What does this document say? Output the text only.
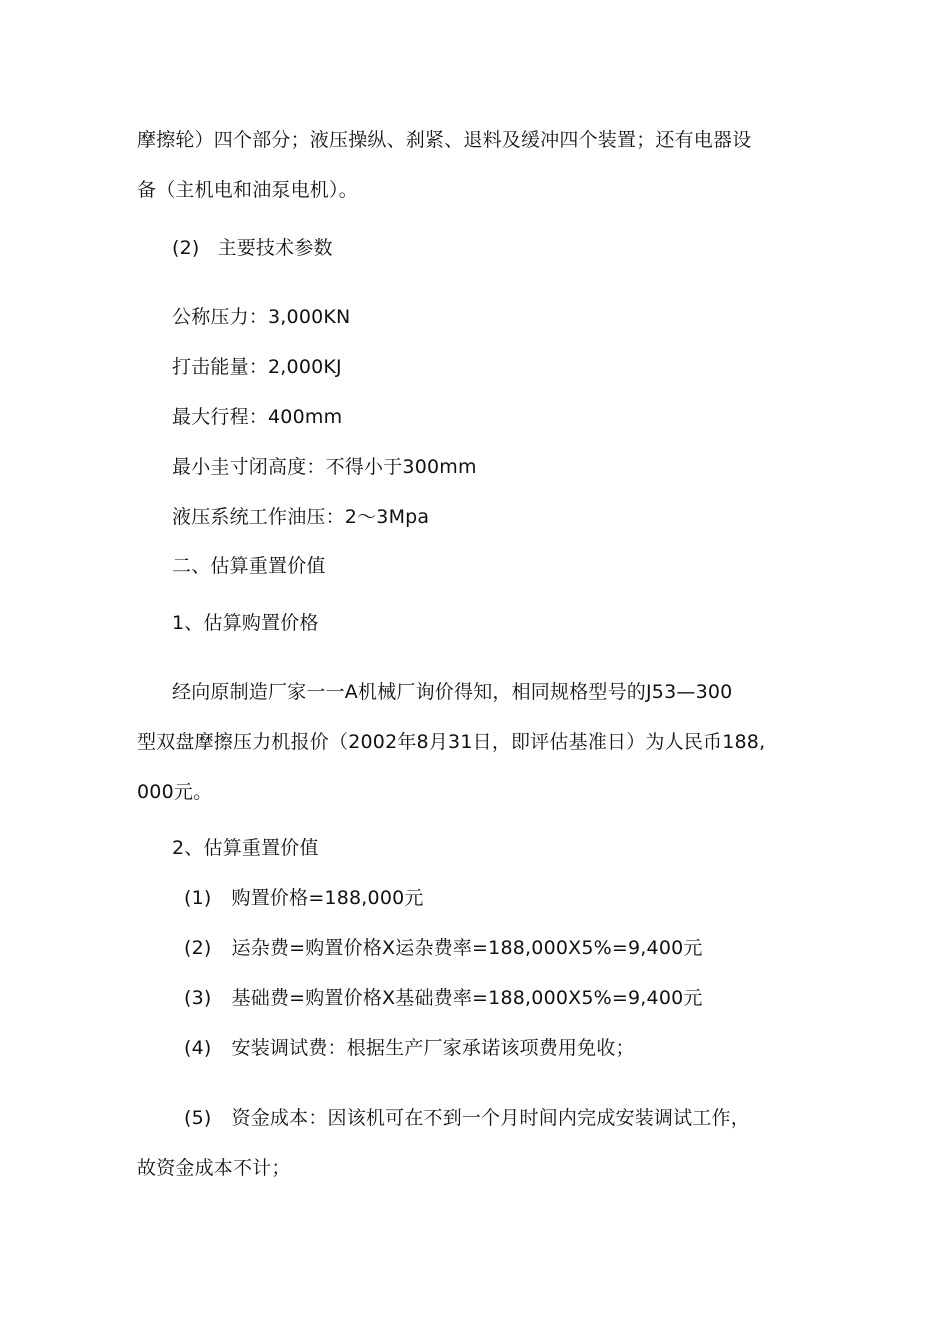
摩擦轮）四个部分；液压操纵、刹紧、退料及缓冲四个装置；还有电器设
备（主机电和油泵电机）。
(2) 主要技术参数
公称压力：3,000KN
打击能量：2,000KJ
最大行程：400mm
最小圭寸闭高度：不得小于300mm
液压系统工作油压：2〜3Mpa
二、估算重置价值
1、估算购置价格
经向原制造厂家一一A机械厂询价得知，相同规格型号的J53—300
型双盘摩擦压力机报价（2002年8月31日，即评估基准日）为人民币188,
000元。
2、估算重置价值
(1) 购置价格=188,000元
(2) 运杂费=购置价格X运杂费率=188,000X5%=9,400元
(3) 基础费=购置价格X基础费率=188,000X5%=9,400元
(4) 安装调试费：根据生产厂家承诺该项费用免收；
(5) 资金成本：因该机可在不到一个月时间内完成安装调试工作，
故资金成本不计；
